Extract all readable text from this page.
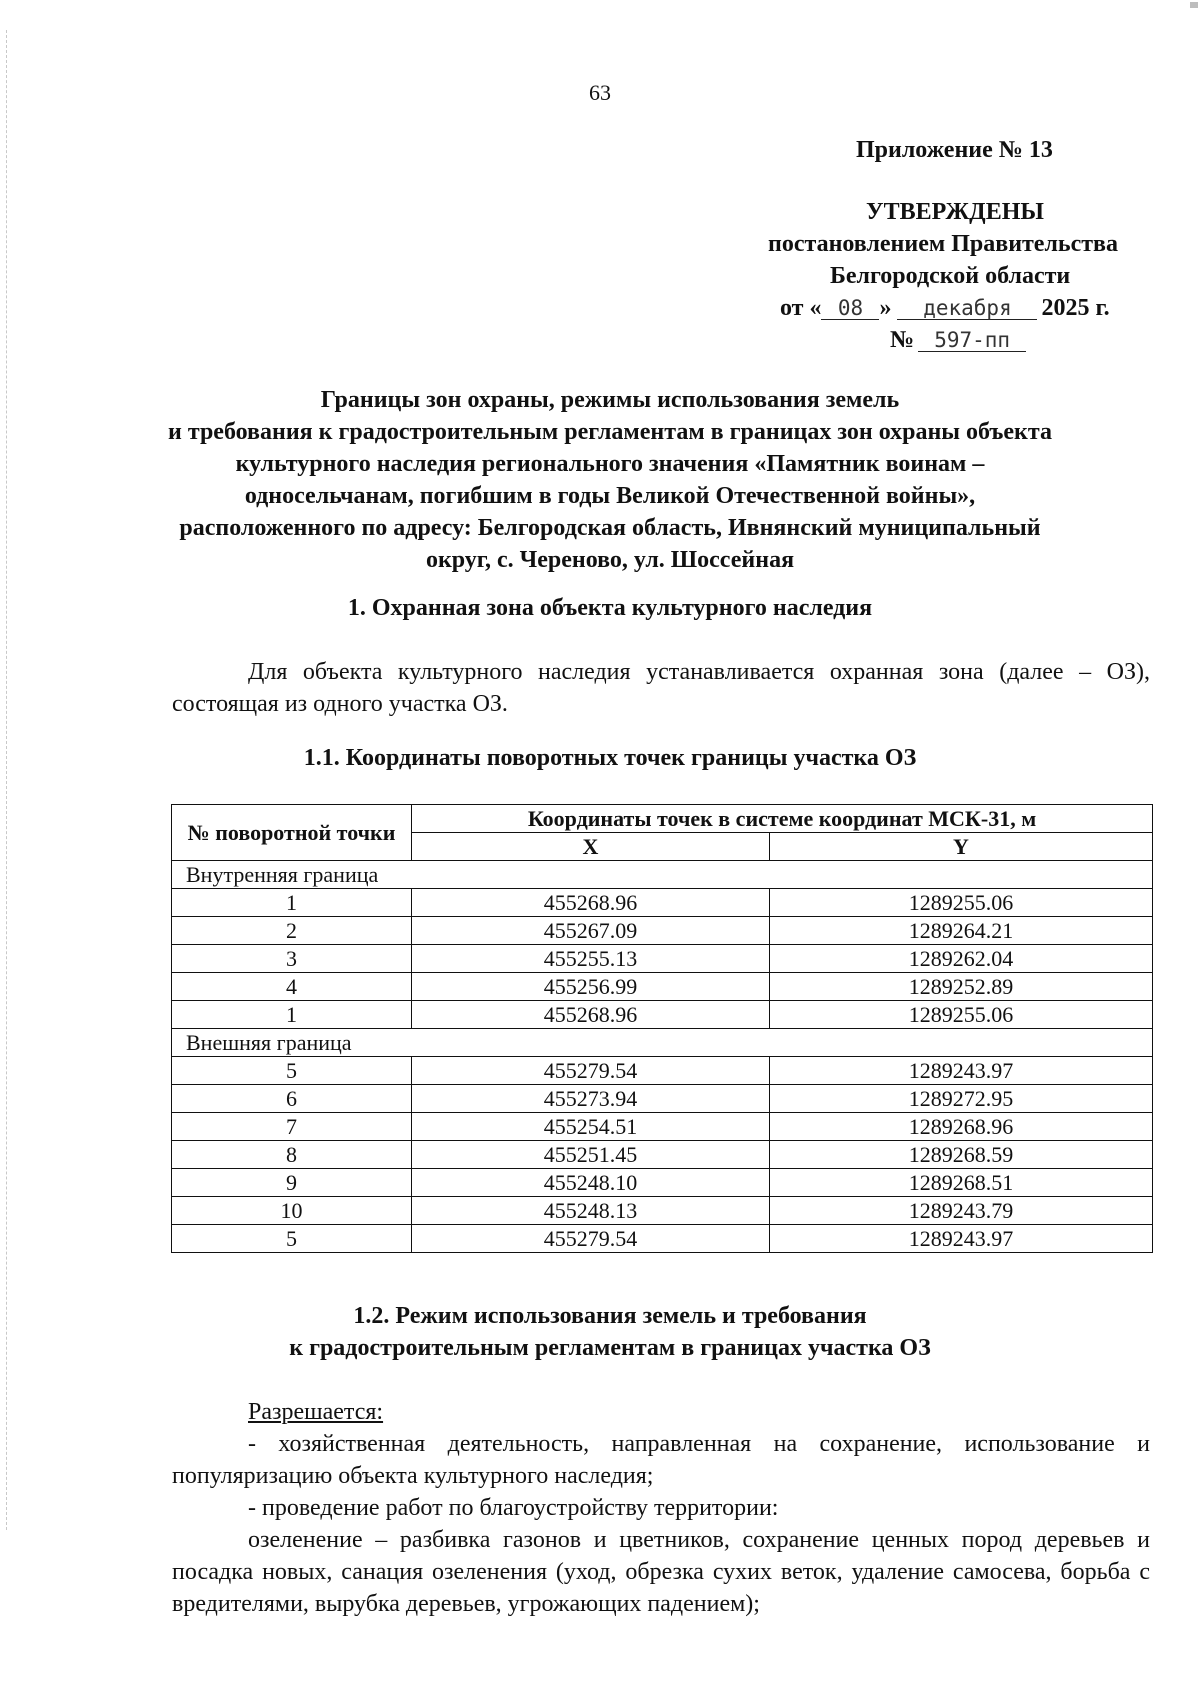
63
Приложение № 13
УТВЕРЖДЕНЫ
постановлением Правительства
Белгородской области
от « 08 » декабря 2025 г.
№ 597-пп
Границы зон охраны, режимы использования земель
и требования к градостроительным регламентам в границах зон охраны объекта
культурного наследия регионального значения «Памятник воинам –
односельчанам, погибшим в годы Великой Отечественной войны»,
расположенного по адресу: Белгородская область, Ивнянский муниципальный
округ, с. Череново, ул. Шоссейная
1. Охранная зона объекта культурного наследия
Для объекта культурного наследия устанавливается охранная зона (далее – ОЗ), состоящая из одного участка ОЗ.
1.1. Координаты поворотных точек границы участка ОЗ
№ поворотной точки	Координаты точек в системе координат МСК-31, м	
	X	Y
Внутренняя граница		
1	455268.96	1289255.06
2	455267.09	1289264.21
3	455255.13	1289262.04
4	455256.99	1289252.89
1	455268.96	1289255.06
Внешняя граница		
5	455279.54	1289243.97
6	455273.94	1289272.95
7	455254.51	1289268.96
8	455251.45	1289268.59
9	455248.10	1289268.51
10	455248.13	1289243.79
5	455279.54	1289243.97
1.2. Режим использования земель и требования
к градостроительным регламентам в границах участка ОЗ
Разрешается:
- хозяйственная деятельность, направленная на сохранение, использование и популяризацию объекта культурного наследия;
- проведение работ по благоустройству территории:
озеленение – разбивка газонов и цветников, сохранение ценных пород деревьев и посадка новых, санация озеленения (уход, обрезка сухих веток, удаление самосева, борьба с вредителями, вырубка деревьев, угрожающих падением);
